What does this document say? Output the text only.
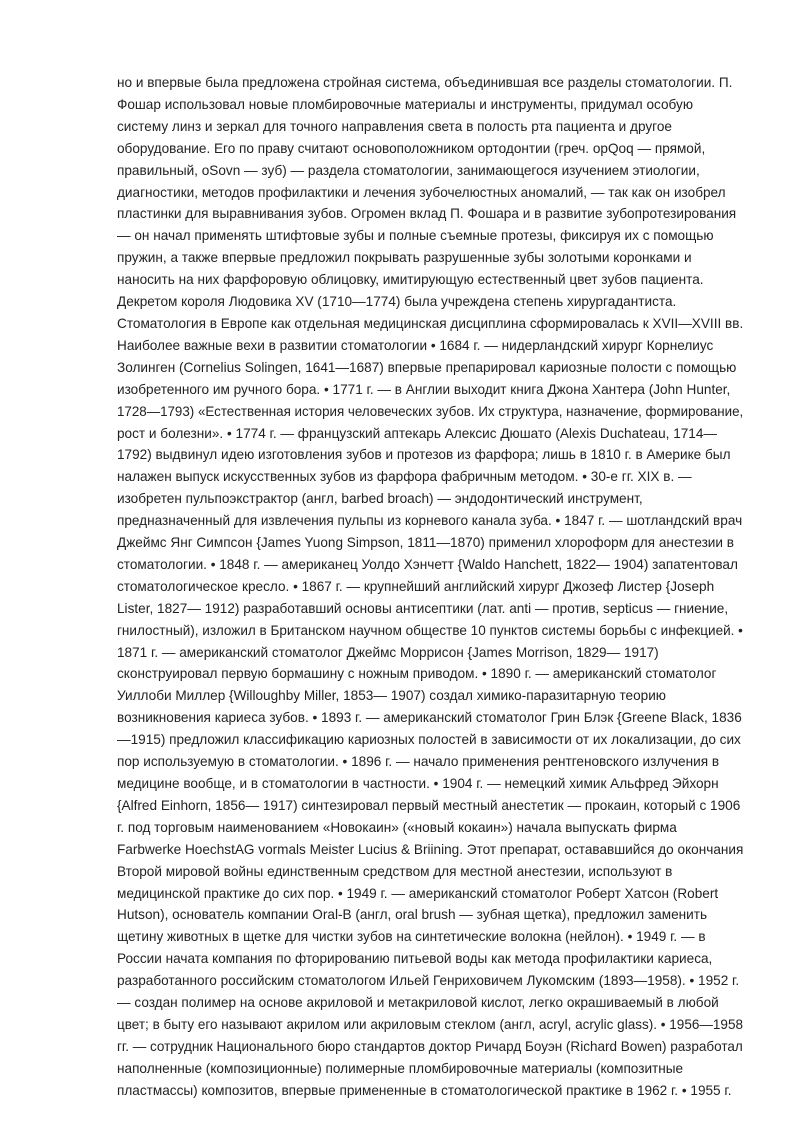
но и впервые была предложена стройная система, объединившая все разделы стоматологии. П.
Фошар использовал новые пломбировочные материалы и инструменты, придумал особую
систему линз и зеркал для точного направления света в полость рта пациента и другое
оборудование. Его по праву считают основоположником ортодонтии (греч. opQoq — прямой,
правильный, oSovn — зуб) — раздела стоматологии, занимающегося изучением этиологии,
диагностики, методов профилактики и лечения зубочелюстных аномалий, — так как он изобрел
пластинки для выравнивания зубов. Огромен вклад П. Фошара и в развитие зубопротезирования
— он начал применять штифтовые зубы и полные съемные протезы, фиксируя их с помощью
пружин, а также впервые предложил покрывать разрушенные зубы золотыми коронками и
наносить на них фарфоровую облицовку, имитирующую естественный цвет зубов пациента.
Декретом короля Людовика XV (1710—1774) была учреждена степень хирургадантиста.
Стоматология в Европе как отдельная медицинская дисциплина сформировалась к XVII—XVIII вв.
Наиболее важные вехи в развитии стоматологии • 1684 г. — нидерландский хирург Корнелиус
Золинген (Cornelius Solingen, 1641—1687) впервые препарировал кариозные полости с помощью
изобретенного им ручного бора. • 1771 г. — в Англии выходит книга Джона Хантера (John Hunter,
1728—1793) «Естественная история человеческих зубов. Их структура, назначение, формирование,
рост и болезни». • 1774 г. — французский аптекарь Алексис Дюшато (Alexis Duchateau, 1714—
1792) выдвинул идею изготовления зубов и протезов из фарфора; лишь в 1810 г. в Америке был
налажен выпуск искусственных зубов из фарфора фабричным методом. • 30-е гг. XIX в. —
изобретен пульпоэкстрактор (англ, barbed broach) — эндодонтический инструмент,
предназначенный для извлечения пульпы из корневого канала зуба. • 1847 г. — шотландский врач
Джеймс Янг Симпсон {James Yuong Simpson, 1811—1870) применил хлороформ для анестезии в
стоматологии. • 1848 г. — американец Уолдо Хэнчетт {Waldo Hanchett, 1822— 1904) запатентовал
стоматологическое кресло. • 1867 г. — крупнейший английский хирург Джозеф Листер {Joseph
Lister, 1827— 1912) разработавший основы антисептики (лат. anti — против, septicus — гниение,
гнилостный), изложил в Британском научном обществе 10 пунктов системы борьбы с инфекцией. •
1871 г. — американский стоматолог Джеймс Моррисон {James Morrison, 1829— 1917)
сконструировал первую бормашину с ножным приводом. • 1890 г. — американский стоматолог
Уиллоби Миллер {Willoughby Miller, 1853— 1907) создал химико-паразитарную теорию
возникновения кариеса зубов. • 1893 г. — американский стоматолог Грин Блэк {Greene Black, 1836
—1915) предложил классификацию кариозных полостей в зависимости от их локализации, до сих
пор используемую в стоматологии. • 1896 г. — начало применения рентгеновского излучения в
медицине вообще, и в стоматологии в частности. • 1904 г. — немецкий химик Альфред Эйхорн
{Alfred Einhorn, 1856— 1917) синтезировал первый местный анестетик — прокаин, который с 1906
г. под торговым наименованием «Новокаин» («новый кокаин») начала выпускать фирма
Farbwerke HoechstAG vormals Meister Lucius & Briining. Этот препарат, остававшийся до окончания
Второй мировой войны единственным средством для местной анестезии, используют в
медицинской практике до сих пор. • 1949 г. — американский стоматолог Роберт Хатсон (Robert
Hutson), основатель компании Oral-B (англ, oral brush — зубная щетка), предложил заменить
щетину животных в щетке для чистки зубов на синтетические волокна (нейлон). • 1949 г. — в
России начата компания по фторированию питьевой воды как метода профилактики кариеса,
разработанного российским стоматологом Ильей Генриховичем Лукомским (1893—1958). • 1952 г.
— создан полимер на основе акриловой и метакриловой кислот, легко окрашиваемый в любой
цвет; в быту его называют акрилом или акриловым стеклом (англ, acryl, acrylic glass). • 1956—1958
гг. — сотрудник Национального бюро стандартов доктор Ричард Боуэн (Richard Bowen) разработал
наполненные (композиционные) полимерные пломбировочные материалы (композитные
пластмассы) композитов, впервые примененные в стоматологической практике в 1962 г. • 1955 г.
